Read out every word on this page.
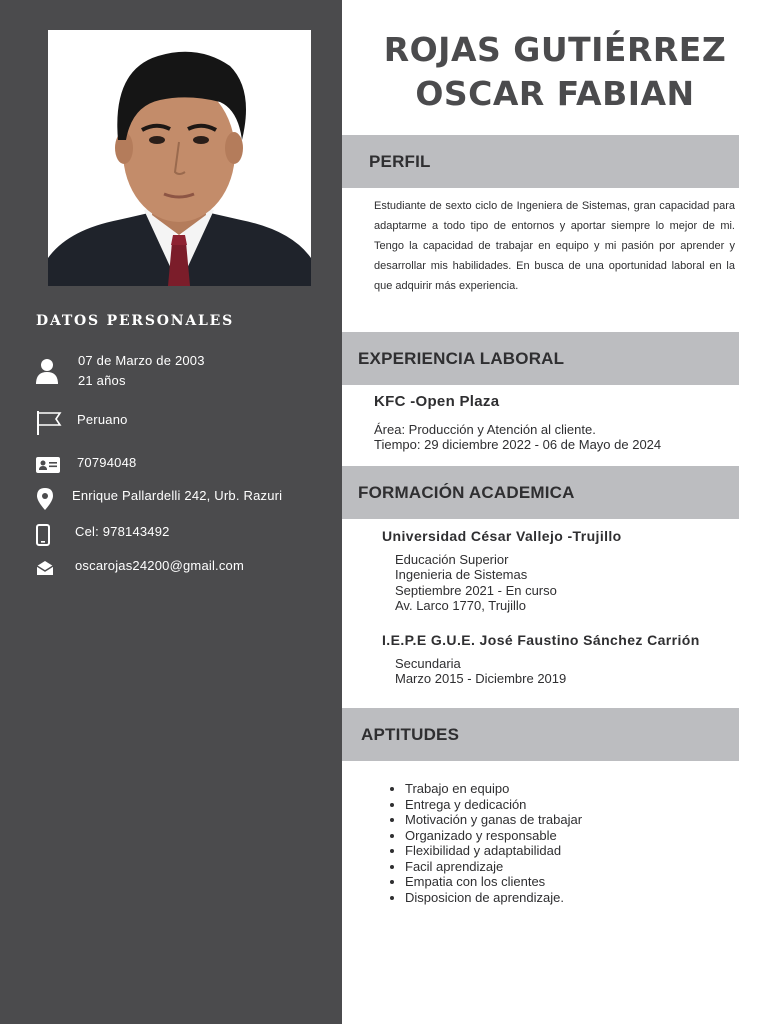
DATOS PERSONALES
07 de Marzo de 2003
21 años
Peruano
70794048
Enrique Pallardelli 242, Urb. Razuri
Cel: 978143492
oscarojas24200@gmail.com
ROJAS GUTIÉRREZ
OSCAR FABIAN
PERFIL

Estudiante de sexto ciclo de Ingeniera de Sistemas, gran capacidad para adaptarme a todo tipo de entornos y aportar siempre lo mejor de mi. Tengo la capacidad de trabajar en equipo y mi pasión por aprender y desarrollar mis habilidades. En busca de una oportunidad laboral en la que adquirir más experiencia.

EXPERIENCIA LABORAL
KFC -Open Plaza
Área: Producción y Atención al cliente.
Tiempo: 29 diciembre 2022 - 06 de Mayo de 2024
FORMACIÓN ACADEMICA
Universidad César Vallejo -Trujillo
Educación Superior
Ingenieria de Sistemas
Septiembre 2021 - En curso
Av. Larco 1770, Trujillo
I.E.P.E G.U.E. José Faustino Sánchez Carrión
Secundaria
Marzo 2015 - Diciembre 2019
APTITUDES
Trabajo en equipo
Entrega y dedicación
Motivación y ganas de trabajar
Organizado y responsable
Flexibilidad y adaptabilidad
Facil aprendizaje
Empatia con los clientes
Disposicion de aprendizaje.
